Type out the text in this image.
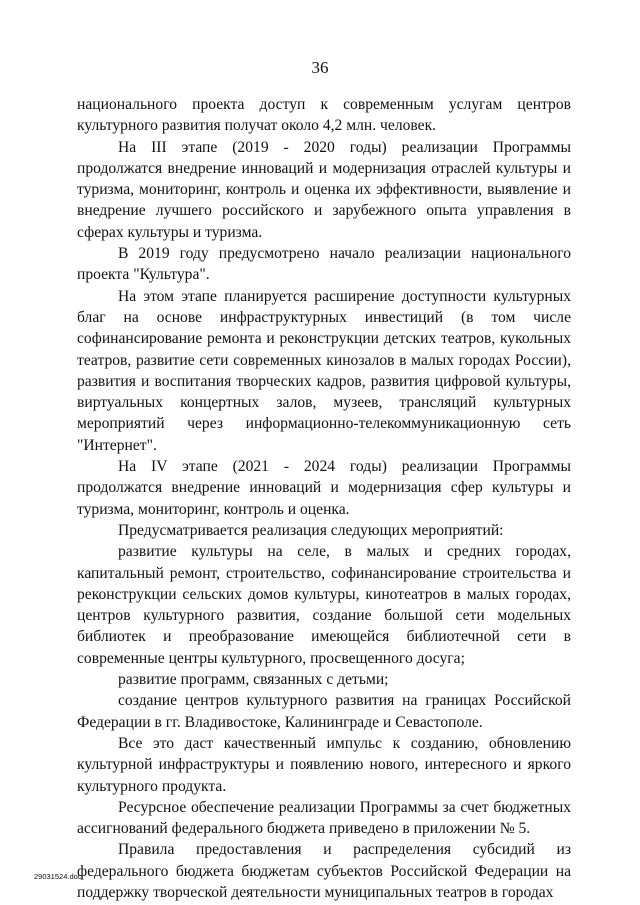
36

национального проекта доступ к современным услугам центров культурного развития получат около 4,2 млн. человек.

На III этапе (2019 - 2020 годы) реализации Программы продолжатся внедрение инноваций и модернизация отраслей культуры и туризма, мониторинг, контроль и оценка их эффективности, выявление и внедрение лучшего российского и зарубежного опыта управления в сферах культуры и туризма.

В 2019 году предусмотрено начало реализации национального проекта "Культура".

На этом этапе планируется расширение доступности культурных благ на основе инфраструктурных инвестиций (в том числе софинансирование ремонта и реконструкции детских театров, кукольных театров, развитие сети современных кинозалов в малых городах России), развития и воспитания творческих кадров, развития цифровой культуры, виртуальных концертных залов, музеев, трансляций культурных мероприятий через информационно-телекоммуникационную сеть "Интернет".

На IV этапе (2021 - 2024 годы) реализации Программы продолжатся внедрение инноваций и модернизация сфер культуры и туризма, мониторинг, контроль и оценка.

Предусматривается реализация следующих мероприятий:

развитие культуры на селе, в малых и средних городах, капитальный ремонт, строительство, софинансирование строительства и реконструкции сельских домов культуры, кинотеатров в малых городах, центров культурного развития, создание большой сети модельных библиотек и преобразование имеющейся библиотечной сети в современные центры культурного, просвещенного досуга;

развитие программ, связанных с детьми;

создание центров культурного развития на границах Российской Федерации в гг. Владивостоке, Калининграде и Севастополе.

Все это даст качественный импульс к созданию, обновлению культурной инфраструктуры и появлению нового, интересного и яркого культурного продукта.

Ресурсное обеспечение реализации Программы за счет бюджетных ассигнований федерального бюджета приведено в приложении № 5.

Правила предоставления и распределения субсидий из федерального бюджета бюджетам субъектов Российской Федерации на поддержку творческой деятельности муниципальных театров в городах

29031524.doc
